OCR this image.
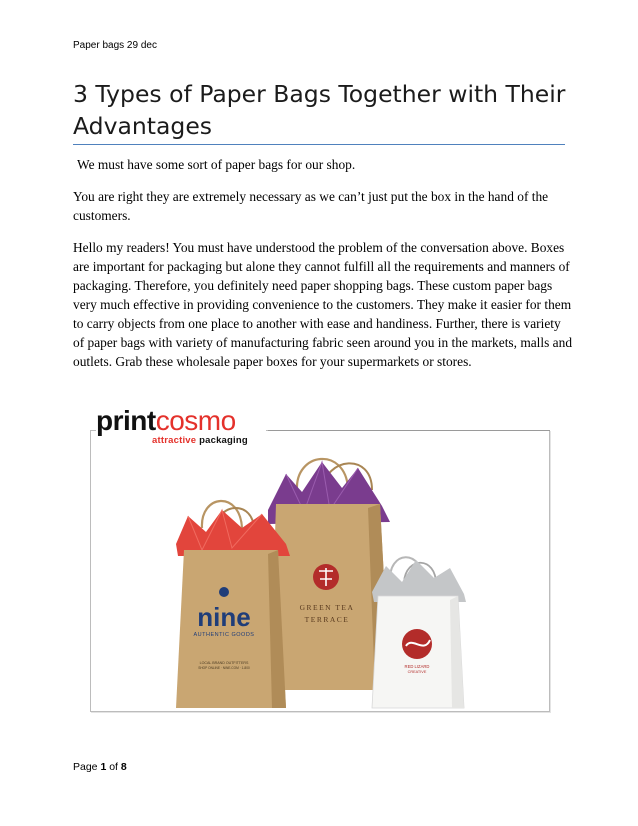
Paper bags 29 dec
3 Types of Paper Bags Together with Their Advantages

We must have some sort of paper bags for our shop.

You are right they are extremely necessary as we can’t just put the box in the hand of the customers.

Hello my readers! You must have understood the problem of the conversation above. Boxes are important for packaging but alone they cannot fulfill all the requirements and manners of packaging. Therefore, you definitely need paper shopping bags. These custom paper bags very much effective in providing convenience to the customers. They make it easier for them to carry objects from one place to another with ease and handiness. Further, there is variety of paper bags with variety of manufacturing fabric seen around you in the markets, malls and outlets. Grab these wholesale paper boxes for your supermarkets or stores.

GREEN TEA
TERRACE
nine
AUTHENTIC GOODS
LOCAL BRAND OUTFITTERS
SHOP ONLINE · NINE.COM · 1-800	RED LIZARD
CREATIVE
printcosmo
attractive packaging
Page 1 of 8
